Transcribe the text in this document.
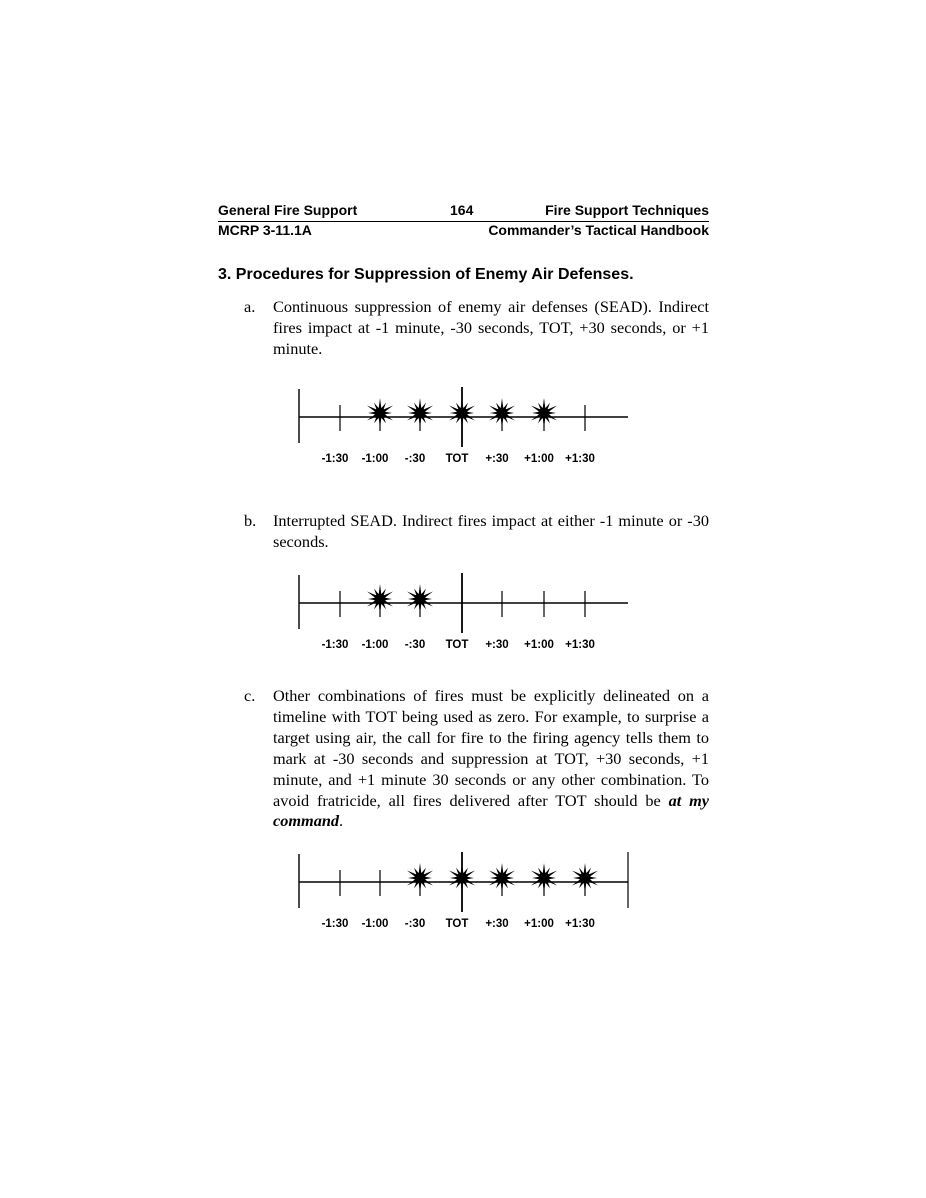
General Fire Support	164	Fire Support Techniques
MCRP 3-11.1A	Commander’s Tactical Handbook
3. Procedures for Suppression of Enemy Air Defenses.
a. Continuous suppression of enemy air defenses (SEAD). Indirect fires impact at -1 minute, -30 seconds, TOT, +30 seconds, or +1 minute.
-1:30 -1:00 -:30 TOT +:30 +1:00 +1:30
b. Interrupted SEAD. Indirect fires impact at either -1 minute or -30 seconds.
-1:30 -1:00 -:30 TOT +:30 +1:00 +1:30
c. Other combinations of fires must be explicitly delineated on a timeline with TOT being used as zero. For example, to surprise a target using air, the call for fire to the firing agency tells them to mark at -30 seconds and suppression at TOT, +30 seconds, +1 minute, and +1 minute 30 seconds or any other combination. To avoid fratricide, all fires delivered after TOT should be at my command.
-1:30 -1:00 -:30 TOT +:30 +1:00 +1:30
